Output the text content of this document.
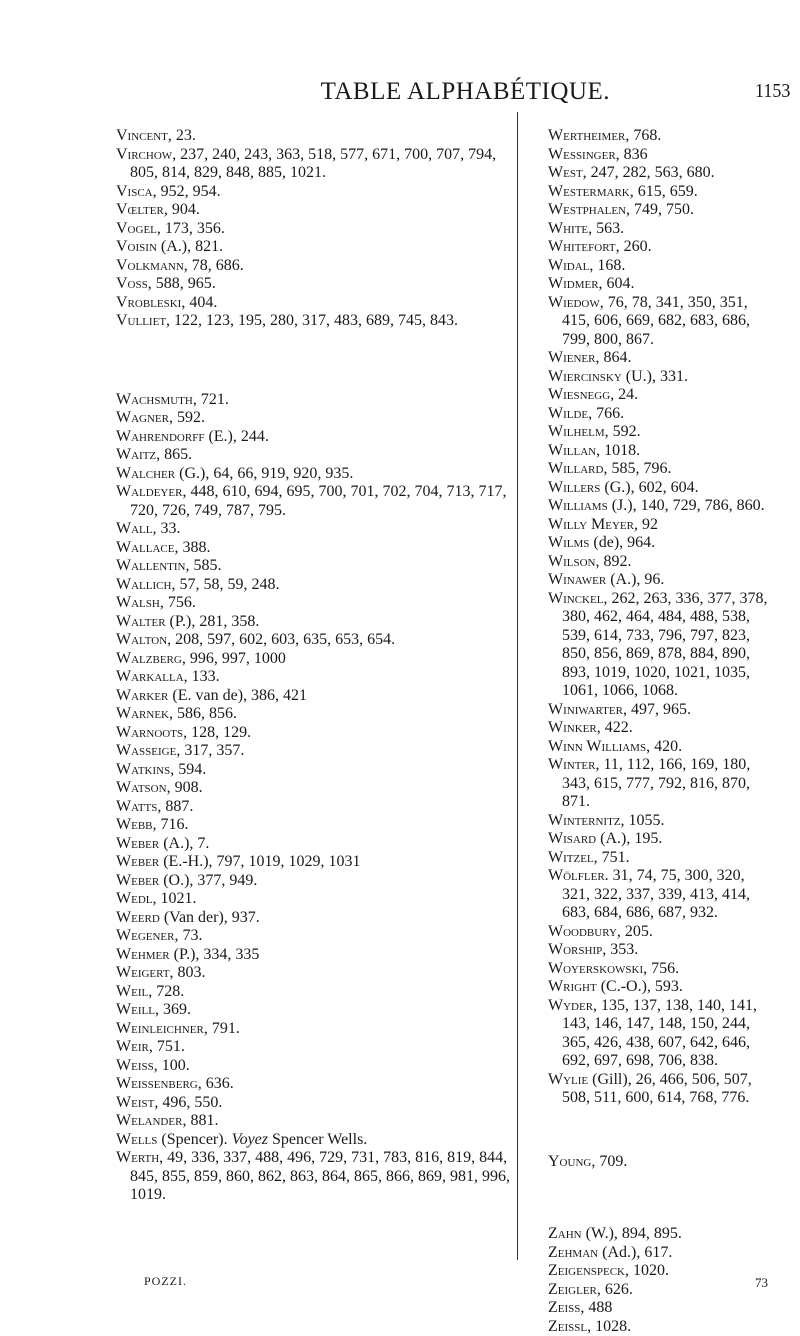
TABLE ALPHABÉTIQUE.	1153

Vincent, 23.

Virchow, 237, 240, 243, 363, 518, 577, 671, 700, 707, 794, 805, 814, 829, 848, 885, 1021.

Visca, 952, 954.

Vœlter, 904.

Vogel, 173, 356.

Voisin (A.), 821.

Volkmann, 78, 686.

Voss, 588, 965.

Vrobleski, 404.

Vulliet, 122, 123, 195, 280, 317, 483, 689, 745, 843.

Wachsmuth, 721.

Wagner, 592.

Wahrendorff (E.), 244.

Waitz, 865.

Walcher (G.), 64, 66, 919, 920, 935.

Waldeyer, 448, 610, 694, 695, 700, 701, 702, 704, 713, 717, 720, 726, 749, 787, 795.

Wall, 33.

Wallace, 388.

Wallentin, 585.

Wallich, 57, 58, 59, 248.

Walsh, 756.

Walter (P.), 281, 358.

Walton, 208, 597, 602, 603, 635, 653, 654.

Walzberg, 996, 997, 1000

Warkalla, 133.

Warker (E. van de), 386, 421

Warnek, 586, 856.

Warnoots, 128, 129.

Wasseige, 317, 357.

Watkins, 594.

Watson, 908.

Watts, 887.

Webb, 716.

Weber (A.), 7.

Weber (E.-H.), 797, 1019, 1029, 1031

Weber (O.), 377, 949.

Wedl, 1021.

Weerd (Van der), 937.

Wegener, 73.

Wehmer (P.), 334, 335

Weigert, 803.

Weil, 728.

Weill, 369.

Weinleichner, 791.

Weir, 751.

Weiss, 100.

Weissenberg, 636.

Weist, 496, 550.

Welander, 881.

Wells (Spencer). Voyez Spencer Wells.

Werth, 49, 336, 337, 488, 496, 729, 731, 783, 816, 819, 844, 845, 855, 859, 860, 862, 863, 864, 865, 866, 869, 981, 996, 1019.

Wertheimer, 768.

Wessinger, 836

West, 247, 282, 563, 680.

Westermark, 615, 659.

Westphalen, 749, 750.

White, 563.

Whitefort, 260.

Widal, 168.

Widmer, 604.

Wiedow, 76, 78, 341, 350, 351, 415, 606, 669, 682, 683, 686, 799, 800, 867.

Wiener, 864.

Wiercinsky (U.), 331.

Wiesnegg, 24.

Wilde, 766.

Wilhelm, 592.

Willan, 1018.

Willard, 585, 796.

Willers (G.), 602, 604.

Williams (J.), 140, 729, 786, 860.

Willy Meyer, 92

Wilms (de), 964.

Wilson, 892.

Winawer (A.), 96.

Winckel, 262, 263, 336, 377, 378, 380, 462, 464, 484, 488, 538, 539, 614, 733, 796, 797, 823, 850, 856, 869, 878, 884, 890, 893, 1019, 1020, 1021, 1035, 1061, 1066, 1068.

Winiwarter, 497, 965.

Winker, 422.

Winn Williams, 420.

Winter, 11, 112, 166, 169, 180, 343, 615, 777, 792, 816, 870, 871.

Winternitz, 1055.

Wisard (A.), 195.

Witzel, 751.

Wölfler. 31, 74, 75, 300, 320, 321, 322, 337, 339, 413, 414, 683, 684, 686, 687, 932.

Woodbury, 205.

Worship, 353.

Woyerskowski, 756.

Wright (C.-O.), 593.

Wyder, 135, 137, 138, 140, 141, 143, 146, 147, 148, 150, 244, 365, 426, 438, 607, 642, 646, 692, 697, 698, 706, 838.

Wylie (Gill), 26, 466, 506, 507, 508, 511, 600, 614, 768, 776.

Young, 709.

Zahn (W.), 894, 895.

Zehman (Ad.), 617.

Zeigenspeck, 1020.

Zeigler, 626.

Zeiss, 488

Zeissl, 1028.

POZZI.	73
